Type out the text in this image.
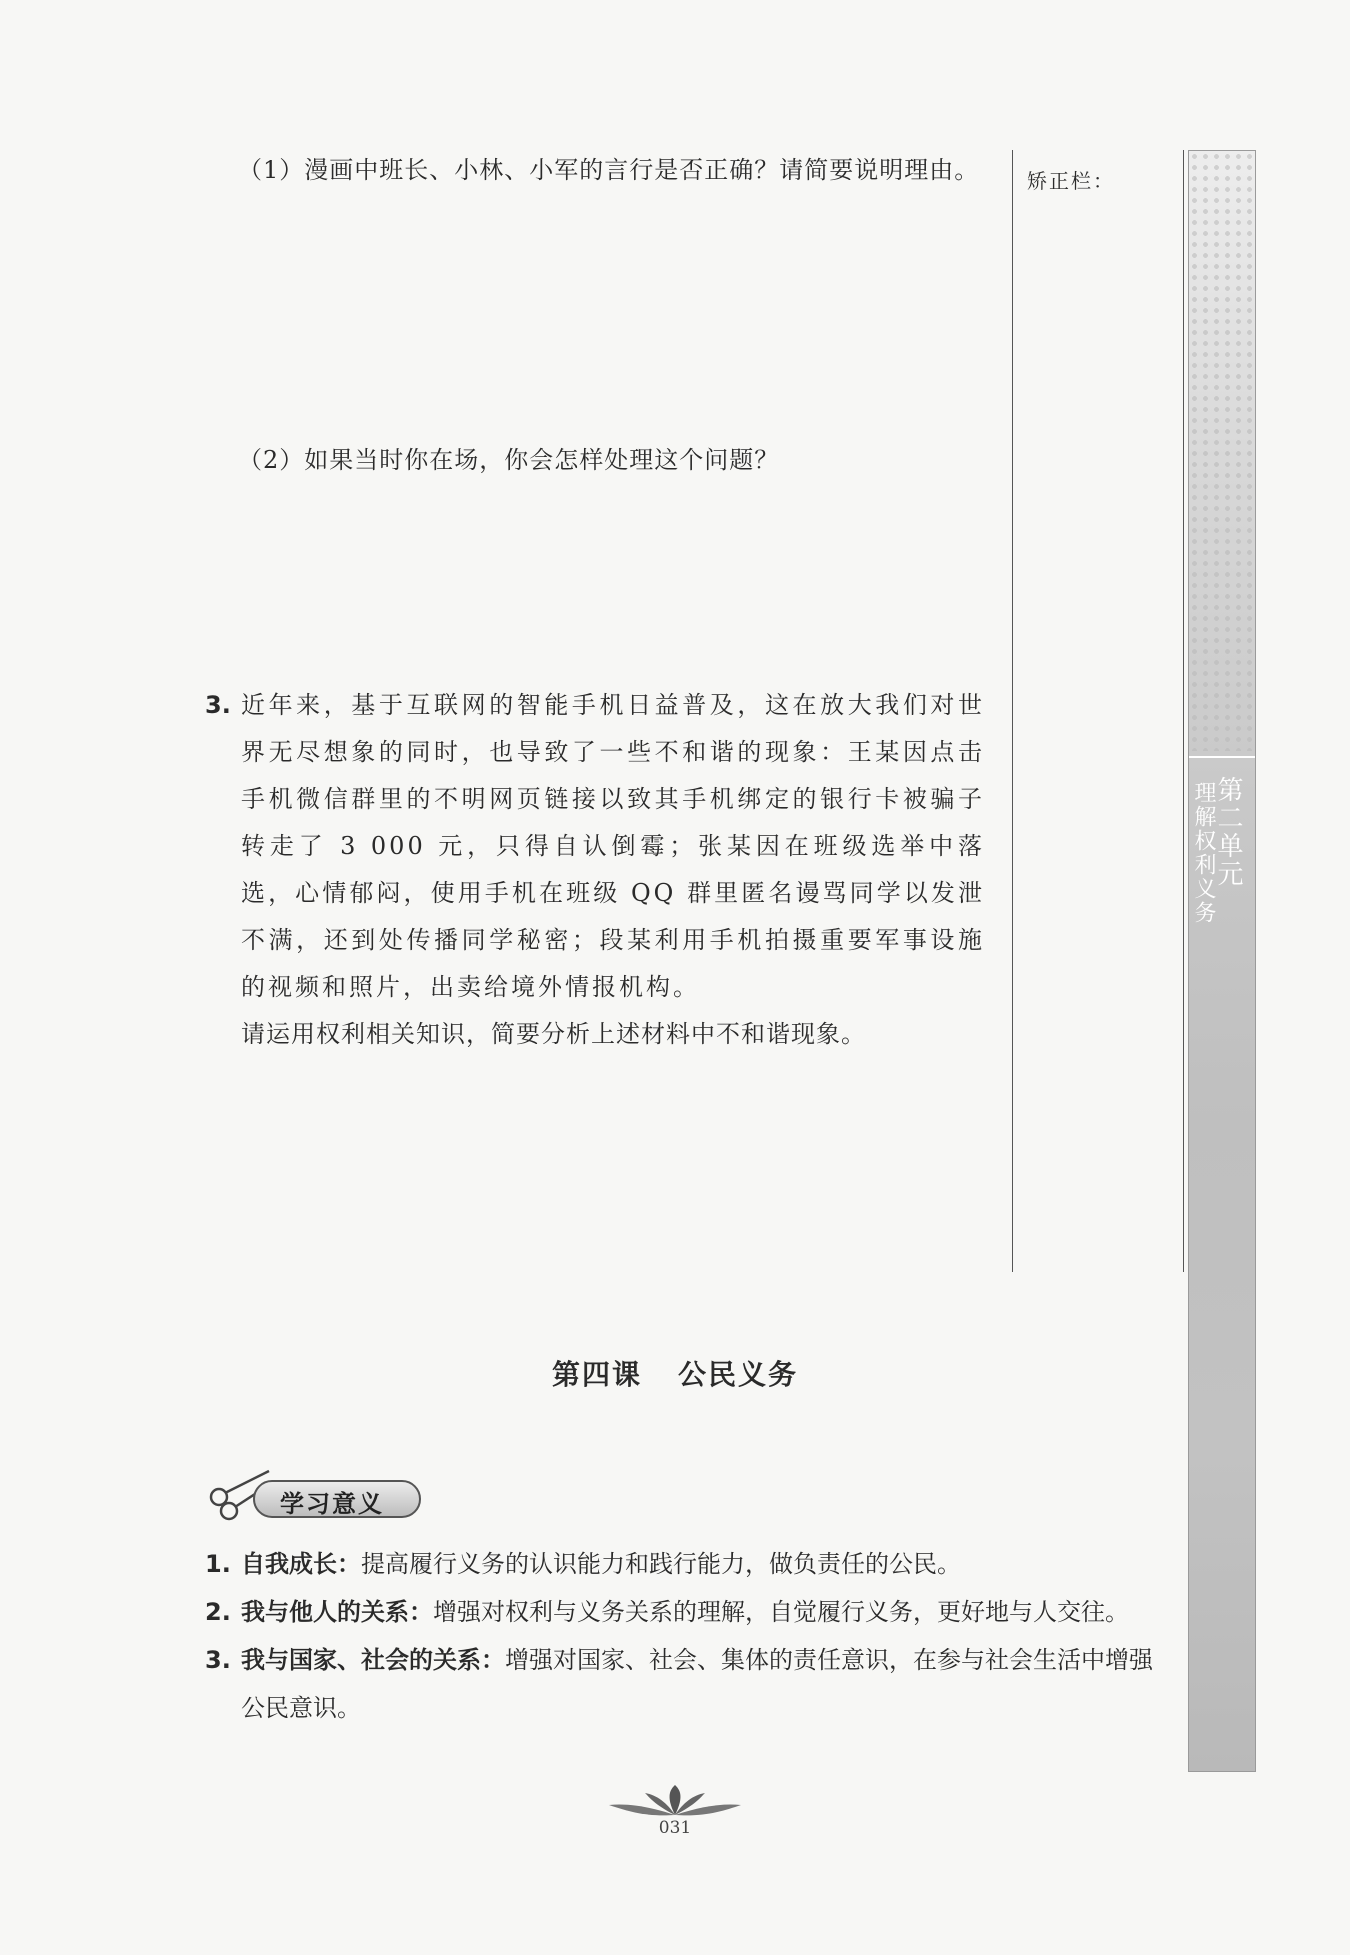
（1）漫画中班长、小林、小军的言行是否正确？请简要说明理由。
（2）如果当时你在场，你会怎样处理这个问题？
3. 近年来，基于互联网的智能手机日益普及，这在放大我们对世界无尽想象的同时，也导致了一些不和谐的现象：王某因点击手机微信群里的不明网页链接以致其手机绑定的银行卡被骗子转走了 3 000 元，只得自认倒霉；张某因在班级选举中落选，心情郁闷，使用手机在班级 QQ 群里匿名谩骂同学以发泄不满，还到处传播同学秘密；段某利用手机拍摄重要军事设施的视频和照片，出卖给境外情报机构。
请运用权利相关知识，简要分析上述材料中不和谐现象。
矫正栏：
第二单元
理解权利义务
第四课 公民义务
学习意义
1. 自我成长：提高履行义务的认识能力和践行能力，做负责任的公民。
2. 我与他人的关系：增强对权利与义务关系的理解，自觉履行义务，更好地与人交往。
3. 我与国家、社会的关系：增强对国家、社会、集体的责任意识，在参与社会生活中增强公民意识。
031
